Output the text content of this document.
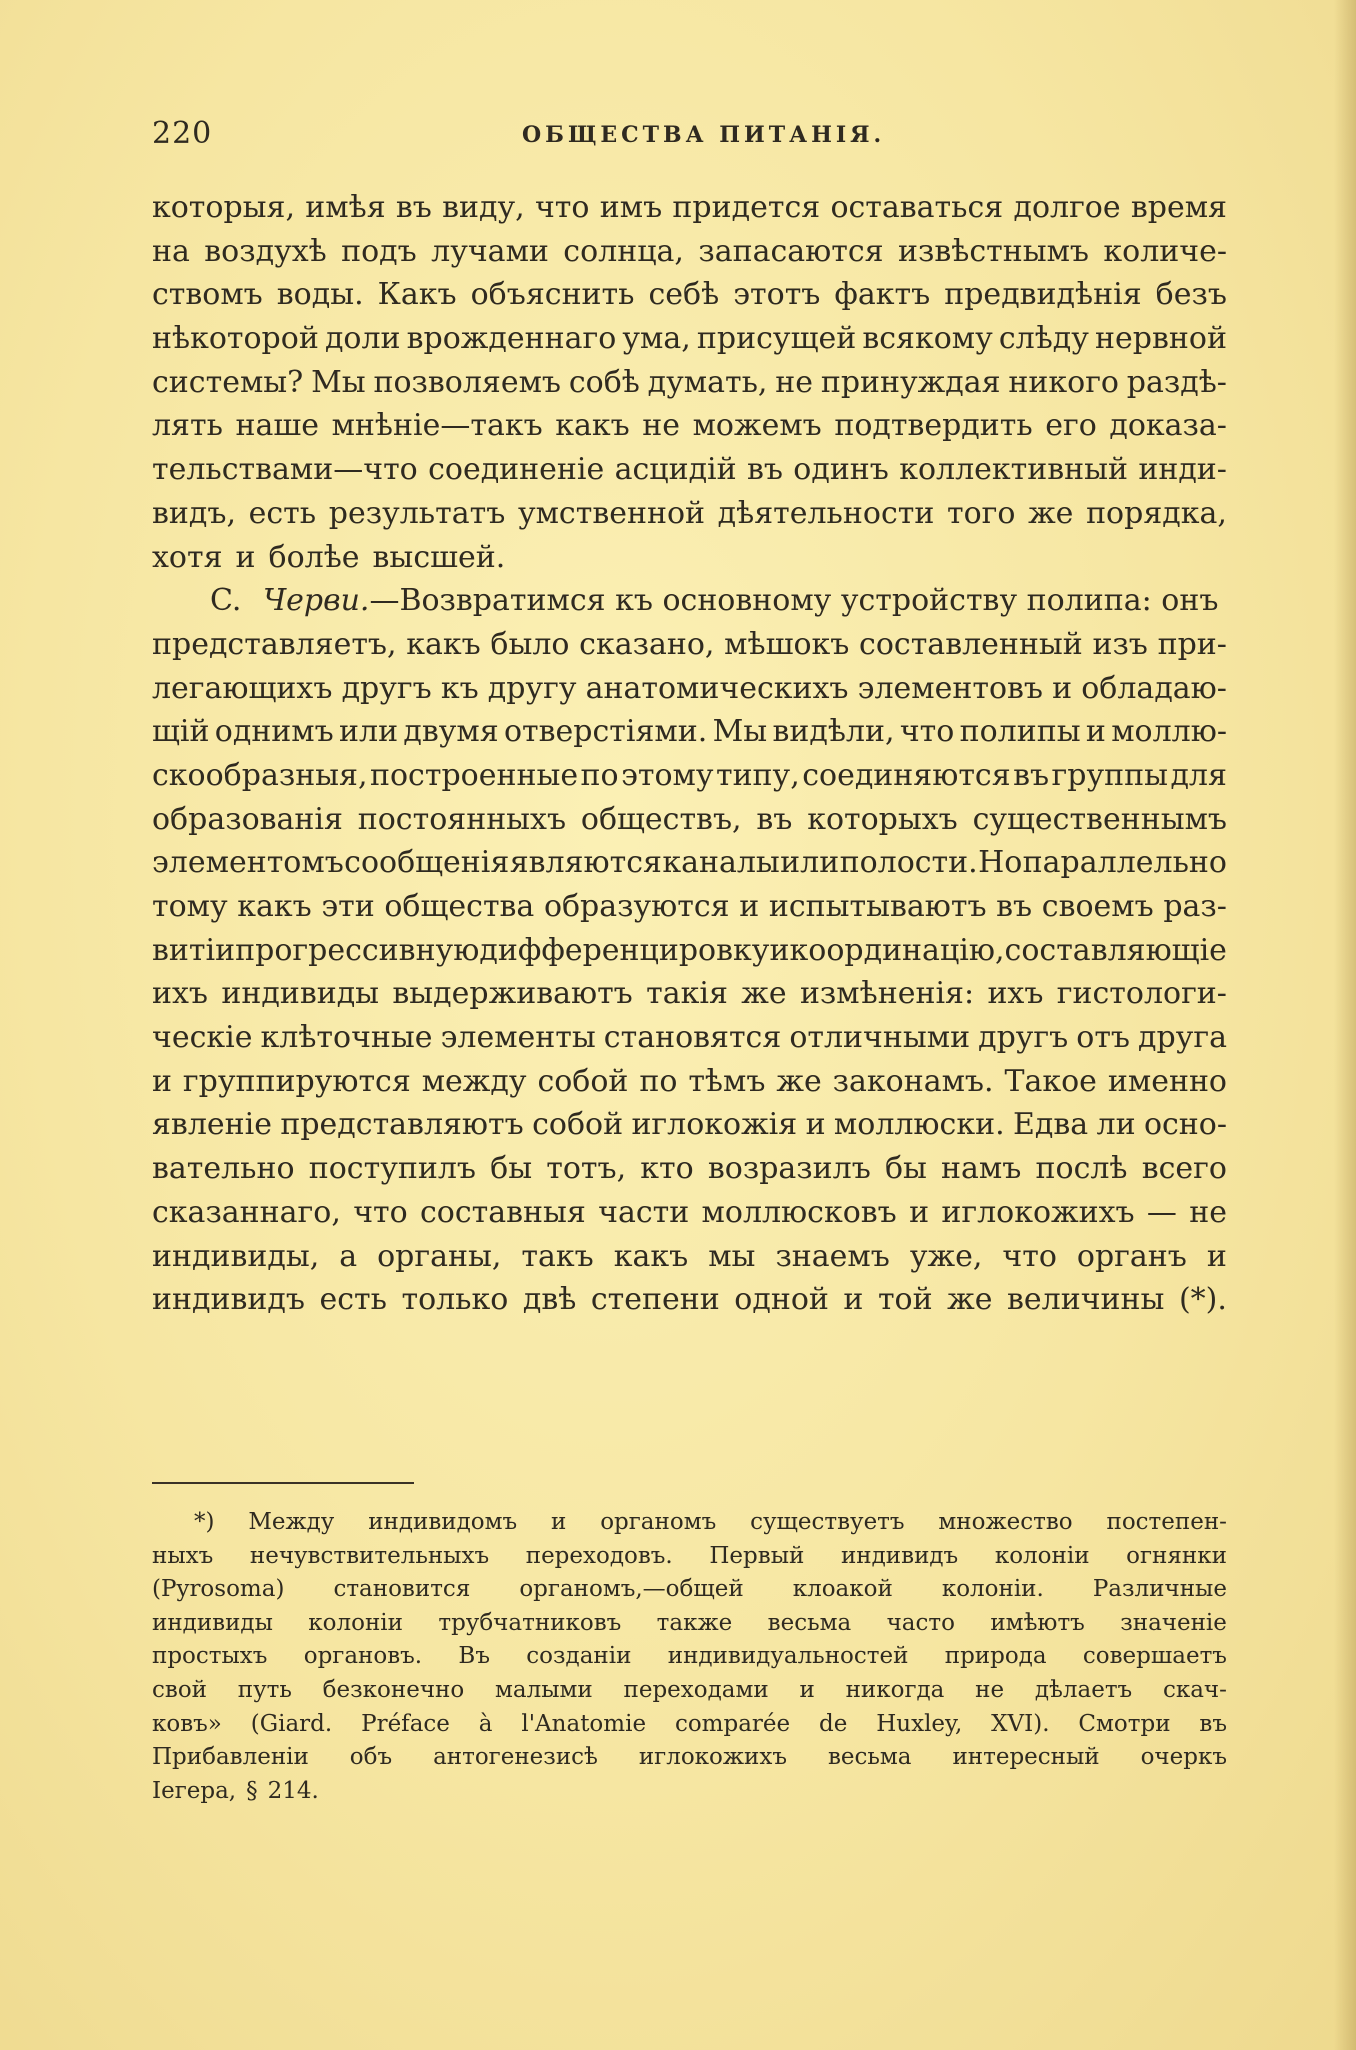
220	ОБЩЕСТВА ПИТАНІЯ.
которыя, имѣя въ виду, что имъ придется оставаться долгое время
на воздухѣ подъ лучами солнца, запасаются извѣстнымъ количе-
ствомъ воды. Какъ объяснить себѣ этотъ фактъ предвидѣнія безъ
нѣкоторой доли врожденнаго ума, присущей всякому слѣду нервной
системы? Мы позволяемъ собѣ думать, не принуждая никого раздѣ-
лять наше мнѣніе—такъ какъ не можемъ подтвердить его доказа-
тельствами—что соединеніе асцидій въ одинъ коллективный инди-
видъ, есть результатъ умственной дѣятельности того же порядка,
хотя и болѣе высшей.
C. Черви.—Возвратимся къ основному устройству полипа: онъ
представляетъ, какъ было сказано, мѣшокъ составленный изъ при-
легающихъ другъ къ другу анатомическихъ элементовъ и обладаю-
щій однимъ или двумя отверстіями. Мы видѣли, что полипы и моллю-
скообразныя, построенные по этому типу, соединяются въ группы для
образованія постоянныхъ обществъ, въ которыхъ существеннымъ
элементомъ сообщенія являются каналы или полости. Но параллельно
тому какъ эти общества образуются и испытываютъ въ своемъ раз-
витіи прогрессивную дифференцировку и координацію, составляющіе
ихъ индивиды выдерживаютъ такія же измѣненія: ихъ гистологи-
ческіе клѣточные элементы становятся отличными другъ отъ друга
и группируются между собой по тѣмъ же законамъ. Такое именно
явленіе представляютъ собой иглокожія и моллюски. Едва ли осно-
вательно поступилъ бы тотъ, кто возразилъ бы намъ послѣ всего
сказаннаго, что составныя части моллюсковъ и иглокожихъ — не
индивиды, а органы, такъ какъ мы знаемъ уже, что органъ и
индивидъ есть только двѣ степени одной и той же величины (*).
*) Между индивидомъ и органомъ существуетъ множество постепен-
ныхъ нечувствительныхъ переходовъ. Первый индивидъ колоніи огнянки
(Pyrosoma) становится органомъ,—общей клоакой колоніи. Различные
индивиды колоніи трубчатниковъ также весьма часто имѣютъ значеніе
простыхъ органовъ. Въ созданіи индивидуальностей природа совершаетъ
свой путь безконечно малыми переходами и никогда не дѣлаетъ скач-
ковъ» (Giard. Préface à l'Anatomie comparée de Huxley, XVI). Смотри въ
Прибавленіи объ антогенезисѣ иглокожихъ весьма интересный очеркъ
Iегера, § 214.
